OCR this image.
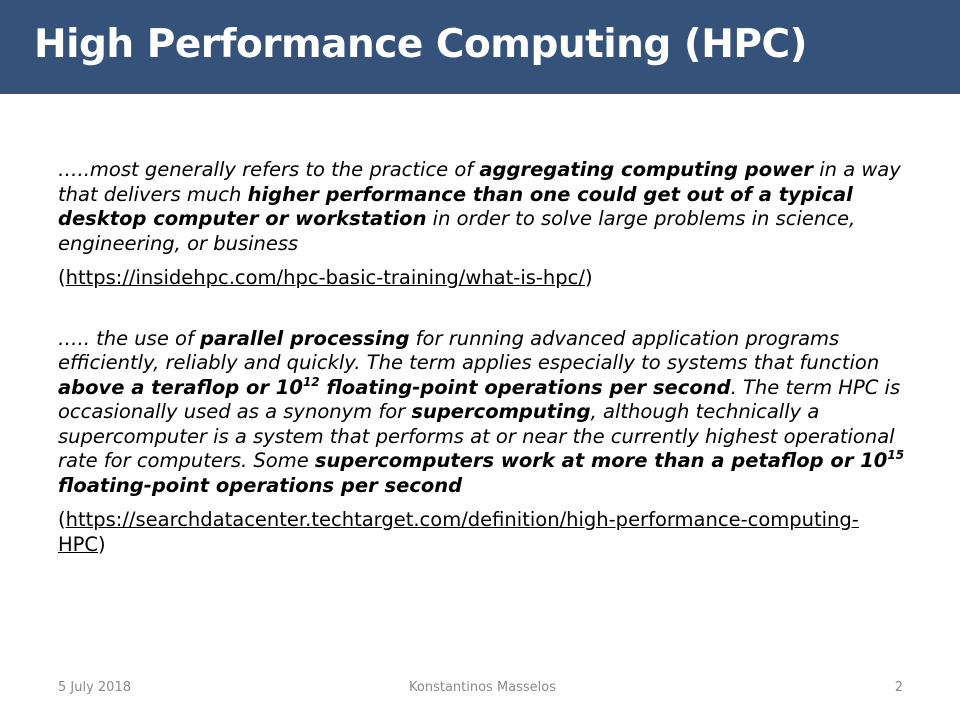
High Performance Computing (HPC)

…..most generally refers to the practice of aggregating computing power in a way that delivers much higher performance than one could get out of a typical desktop computer or workstation in order to solve large problems in science, engineering, or business

(https://insidehpc.com/hpc-basic-training/what-is-hpc/)

….. the use of parallel processing for running advanced application programs efficiently, reliably and quickly. The term applies especially to systems that function above a teraflop or $10^{12}$ floating-point operations per second. The term HPC is occasionally used as a synonym for supercomputing, although technically a supercomputer is a system that performs at or near the currently highest operational rate for computers. Some supercomputers work at more than a petaflop or $10^{15}$ floating-point operations per second

(https://searchdatacenter.techtarget.com/definition/high-performance-computing-HPC)

5 July 2018	Konstantinos Masselos	2
